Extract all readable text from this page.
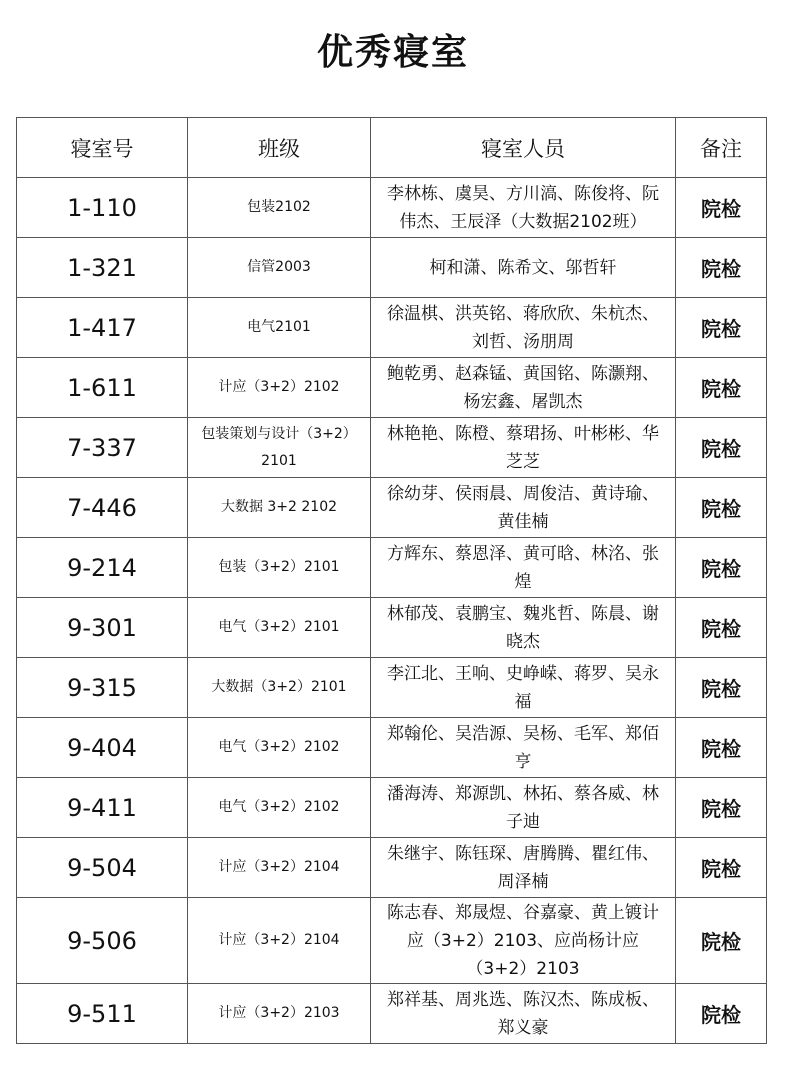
优秀寝室
寝室号	班级	寝室人员	备注
1-110	包装2102	李林栋、虞昊、方川滈、陈俊将、阮伟杰、王辰泽（大数据2102班）	院检
1-321	信管2003	柯和潇、陈希文、邬哲轩	院检
1-417	电气2101	徐温棋、洪英铭、蒋欣欣、朱杭杰、刘哲、汤朋周	院检
1-611	计应（3+2）2102	鲍乾勇、赵森锰、黄国铭、陈灏翔、杨宏鑫、屠凯杰	院检
7-337	包装策划与设计（3+2）2101	林艳艳、陈橙、蔡珺扬、叶彬彬、华芝芝	院检
7-446	大数据 3+2 2102	徐幼芽、侯雨晨、周俊洁、黄诗瑜、黄佳楠	院检
9-214	包装（3+2）2101	方辉东、蔡恩泽、黄可晗、林洺、张煌	院检
9-301	电气（3+2）2101	林郁茂、袁鹏宝、魏兆哲、陈晨、谢晓杰	院检
9-315	大数据（3+2）2101	李江北、王响、史峥嵘、蒋罗、吴永福	院检
9-404	电气（3+2）2102	郑翰伦、吴浩源、吴杨、毛军、郑佰亨	院检
9-411	电气（3+2）2102	潘海涛、郑源凯、林拓、蔡各威、林子迪	院检
9-504	计应（3+2）2104	朱继宇、陈钰琛、唐腾腾、瞿红伟、周泽楠	院检
9-506	计应（3+2）2104	陈志春、郑晟煜、谷嘉豪、黄上镀计应（3+2）2103、应尚杨计应（3+2）2103	院检
9-511	计应（3+2）2103	郑祥基、周兆选、陈汉杰、陈成板、郑义豪	院检
